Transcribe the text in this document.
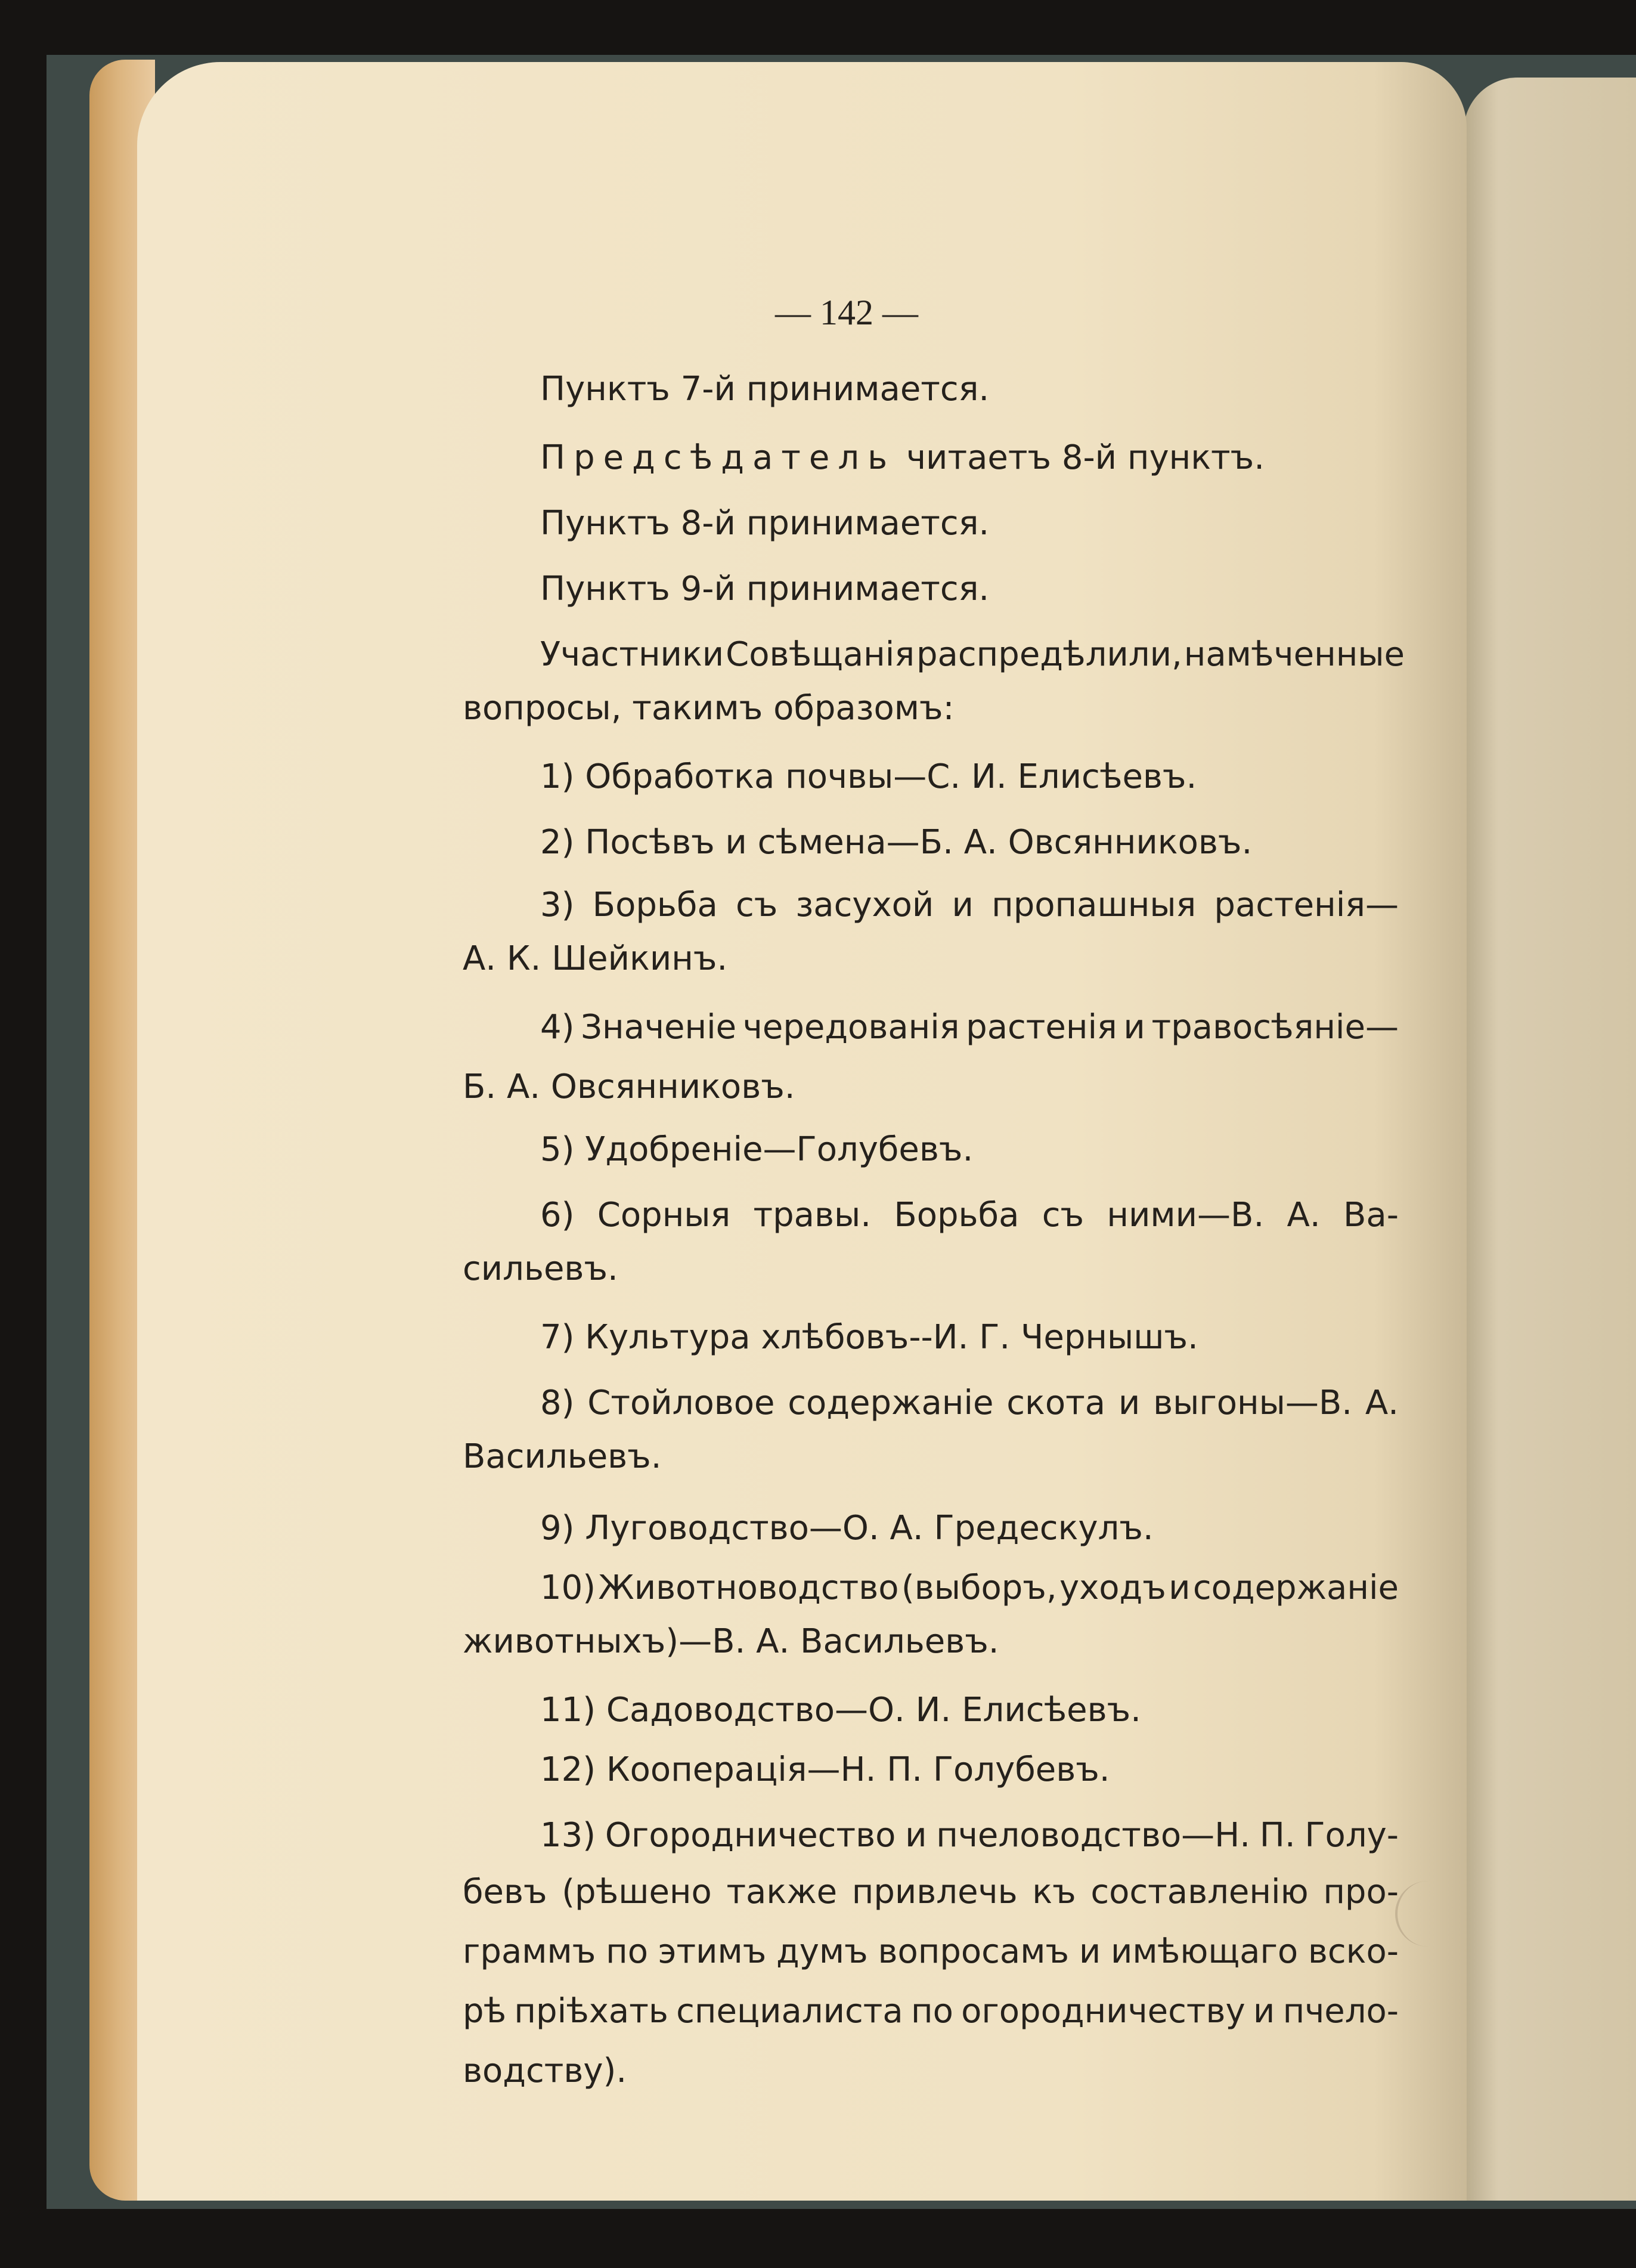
— 142 —
Пунктъ 7-й принимается.
Предсѣдатель читаетъ 8-й пунктъ.
Пунктъ 8-й принимается.
Пунктъ 9-й принимается.
Участники Совѣщанія распредѣлили, намѣченные
вопросы, такимъ образомъ:
1) Обработка почвы—С. И. Елисѣевъ.
2) Посѣвъ и сѣмена—Б. А. Овсянниковъ.
3) Борьба съ засухой и пропашныя растенія—
А. К. Шейкинъ.
4) Значеніе чередованія растенія и травосѣяніе—
Б. А. Овсянниковъ.
5) Удобреніе—Голубевъ.
6) Сорныя травы. Борьба съ ними—В. А. Ва-
сильевъ.
7) Культура хлѣбовъ--И. Г. Чернышъ.
8) Стойловое содержаніе скота и выгоны—В. А.
Васильевъ.
9) Луговодство—О. А. Гредескулъ.
10) Животноводство (выборъ, уходъ и содержаніе
животныхъ)—В. А. Васильевъ.
11) Садоводство—О. И. Елисѣевъ.
12) Кооперація—Н. П. Голубевъ.
13) Огородничество и пчеловодство—Н. П. Голу-
бевъ (рѣшено также привлечь къ составленію про-
граммъ по этимъ думъ вопросамъ и имѣющаго вско-
рѣ пріѣхать специалиста по огородничеству и пчело-
водству).
